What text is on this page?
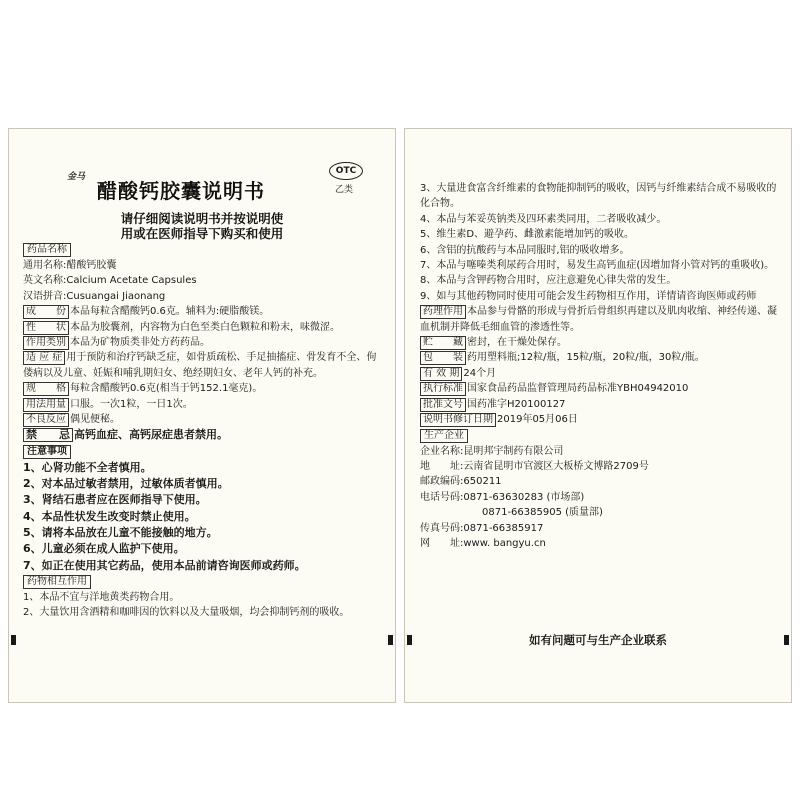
金马
醋酸钙胶囊说明书
OTC
乙类
请仔细阅读说明书并按说明使
用或在医师指导下购买和使用
药品名称
通用名称:醋酸钙胶囊
英文名称:Calcium Acetate Capsules
汉语拼音:Cusuangai Jiaonang
成　　份 本品每粒含醋酸钙0.6克。辅料为:硬脂酸镁。
性　　状 本品为胶囊剂，内容物为白色至类白色颗粒和粉末，味微涩。
作用类别 本品为矿物质类非处方药药品。
适 应 症 用于预防和治疗钙缺乏症，如骨质疏松、手足抽搐症、骨发育不全、佝偻病以及儿童、妊娠和哺乳期妇女、绝经期妇女、老年人钙的补充。
规　　格 每粒含醋酸钙0.6克(相当于钙152.1毫克)。
用法用量 口服。一次1粒，一日1次。
不良反应 偶见便秘。
禁　　忌 高钙血症、高钙尿症患者禁用。
注意事项
1、心肾功能不全者慎用。
2、对本品过敏者禁用，过敏体质者慎用。
3、肾结石患者应在医师指导下使用。
4、本品性状发生改变时禁止使用。
5、请将本品放在儿童不能接触的地方。
6、儿童必须在成人监护下使用。
7、如正在使用其它药品，使用本品前请咨询医师或药师。
药物相互作用
1、本品不宜与洋地黄类药物合用。
2、大量饮用含酒精和咖啡因的饮料以及大量吸烟，均会抑制钙剂的吸收。
3、大量进食富含纤维素的食物能抑制钙的吸收，因钙与纤维素结合成不易吸收的化合物。
4、本品与苯妥英钠类及四环素类同用，二者吸收减少。
5、维生素D、避孕药、雌激素能增加钙的吸收。
6、含铝的抗酸药与本品同服时,铝的吸收增多。
7、本品与噻嗪类利尿药合用时，易发生高钙血症(因增加肾小管对钙的重吸收)。
8、本品与含钾药物合用时，应注意避免心律失常的发生。
9、如与其他药物同时使用可能会发生药物相互作用，详情请咨询医师或药师
药理作用 本品参与骨骼的形成与骨折后骨组织再建以及肌肉收缩、神经传递、凝血机制并降低毛细血管的渗透性等。
贮　　藏 密封，在干燥处保存。
包　　装 药用塑料瓶;12粒/瓶，15粒/瓶，20粒/瓶，30粒/瓶。
有 效 期 24个月
执行标准 国家食品药品监督管理局药品标准YBH04942010
批准文号 国药准字H20100127
说明书修订日期 2019年05月06日
生产企业
企业名称:昆明邦宇制药有限公司
地　　址:云南省昆明市官渡区大板桥文博路2709号
邮政编码:650211
电话号码:0871-63630283 (市场部)
0871-66385905 (质量部)
传真号码:0871-66385917
网　　址:www. bangyu.cn
如有问题可与生产企业联系
